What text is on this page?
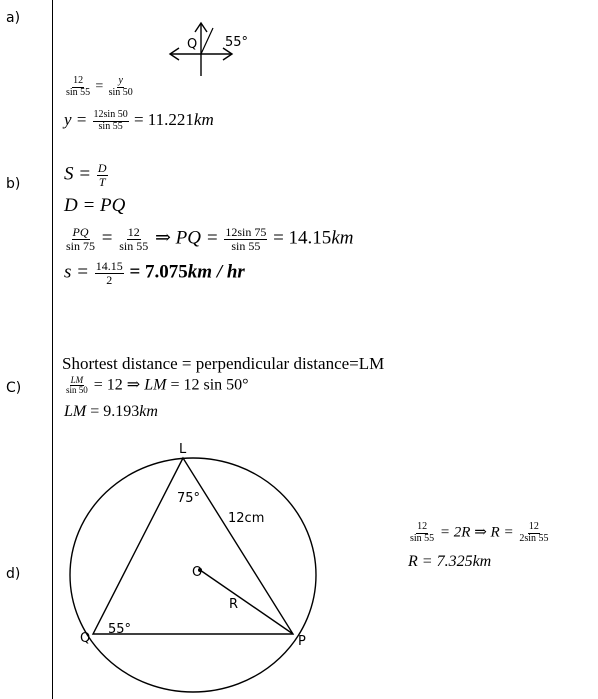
a)
b)
C)
d)
Q 55°
$\frac{12}{\sin 55} = \frac{y}{\sin 50}$
$y = \frac{12\sin 50}{\sin 55} = 11.221km$
$S = \frac{D}{T}$
D = PQ
$\frac{PQ}{\sin 75} = \frac{12}{\sin 55}$ ⇒ PQ = $\frac{12\sin 75}{\sin 55} = 14.15km$
$s = \frac{14.15}{2} = 7.075km$ / hr
Shortest distance = perpendicular distance=LM
$\frac{LM}{\sin 50} = 12$ ⇒ LM = 12 sin 50°
LM = 9.193km
L
Q	P
O
R
75°
55°
12cm
$\frac{12}{\sin 55} = 2R$ ⇒ $R = \frac{12}{2\sin 55}$
R = 7.325km
